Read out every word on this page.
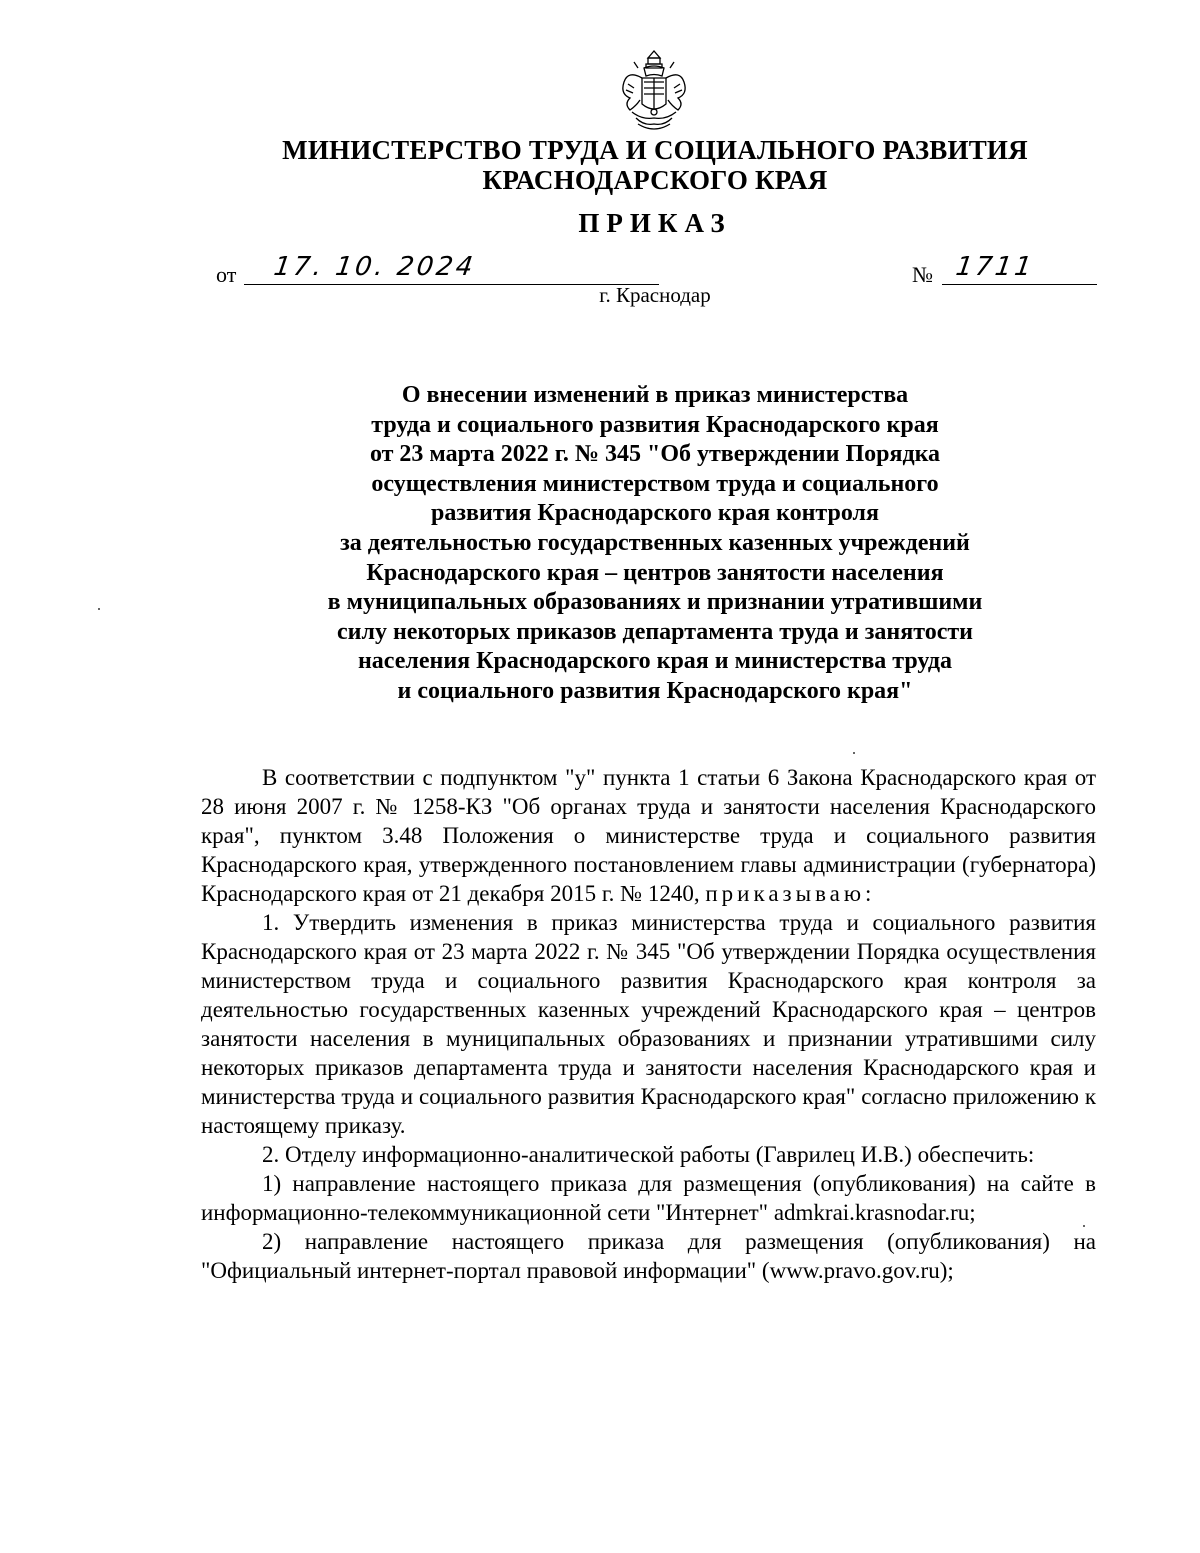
МИНИСТЕРСТВО ТРУДА И СОЦИАЛЬНОГО РАЗВИТИЯ
КРАСНОДАРСКОГО КРАЯ
ПРИКАЗ
от 17. 10. 2024	№ 1711
г. Краснодар
О внесении изменений в приказ министерства
труда и социального развития Краснодарского края
от 23 марта 2022 г. № 345 "Об утверждении Порядка
осуществления министерством труда и социального
развития Краснодарского края контроля
за деятельностью государственных казенных учреждений
Краснодарского края – центров занятости населения
в муниципальных образованиях и признании утратившими
силу некоторых приказов департамента труда и занятости
населения Краснодарского края и министерства труда
и социального развития Краснодарского края"

В соответствии с подпунктом "у" пункта 1 статьи 6 Закона Краснодарского края от 28 июня 2007 г. № 1258-КЗ "Об органах труда и занятости населения Краснодарского края", пунктом 3.48 Положения о министерстве труда и социального развития Краснодарского края, утвержденного постановлением главы администрации (губернатора) Краснодарского края от 21 декабря 2015 г. № 1240, приказываю:

1. Утвердить изменения в приказ министерства труда и социального развития Краснодарского края от 23 марта 2022 г. № 345 "Об утверждении Порядка осуществления министерством труда и социального развития Краснодарского края контроля за деятельностью государственных казенных учреждений Краснодарского края – центров занятости населения в муниципальных образованиях и признании утратившими силу некоторых приказов департамента труда и занятости населения Краснодарского края и министерства труда и социального развития Краснодарского края" согласно приложению к настоящему приказу.

2. Отделу информационно-аналитической работы (Гаврилец И.В.) обеспечить:

1) направление настоящего приказа для размещения (опубликования) на сайте в информационно-телекоммуникационной сети "Интернет" admkrai.krasnodar.ru;

2) направление настоящего приказа для размещения (опубликования) на "Официальный интернет-портал правовой информации" (www.pravo.gov.ru);
